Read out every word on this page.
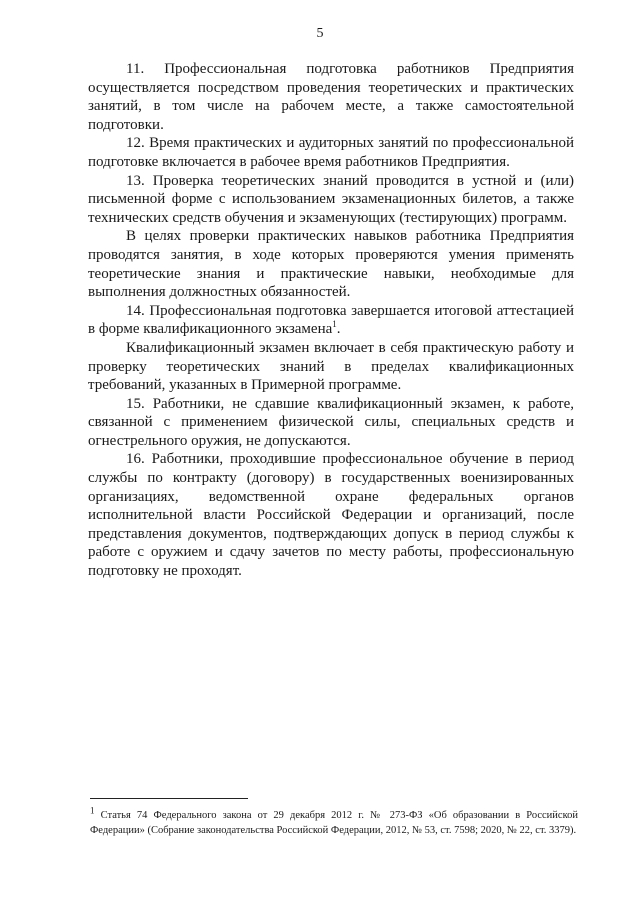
5

11. Профессиональная подготовка работников Предприятия осуществляется посредством проведения теоретических и практических занятий, в том числе на рабочем месте, а также самостоятельной подготовки.

12. Время практических и аудиторных занятий по профессиональной подготовке включается в рабочее время работников Предприятия.

13. Проверка теоретических знаний проводится в устной и (или) письменной форме с использованием экзаменационных билетов, а также технических средств обучения и экзаменующих (тестирующих) программ.

В целях проверки практических навыков работника Предприятия проводятся занятия, в ходе которых проверяются умения применять теоретические знания и практические навыки, необходимые для выполнения должностных обязанностей.

14. Профессиональная подготовка завершается итоговой аттестацией в форме квалификационного экзамена$^1$.

Квалификационный экзамен включает в себя практическую работу и проверку теоретических знаний в пределах квалификационных требований, указанных в Примерной программе.

15. Работники, не сдавшие квалификационный экзамен, к работе, связанной с применением физической силы, специальных средств и огнестрельного оружия, не допускаются.

16. Работники, проходившие профессиональное обучение в период службы по контракту (договору) в государственных военизированных организациях, ведомственной охране федеральных органов исполнительной власти Российской Федерации и организаций, после представления документов, подтверждающих допуск в период службы к работе с оружием и сдачу зачетов по месту работы, профессиональную подготовку не проходят.

$^1$ Статья 74 Федерального закона от 29 декабря 2012 г. № 273-ФЗ «Об образовании в Российской Федерации» (Собрание законодательства Российской Федерации, 2012, № 53, ст. 7598; 2020, № 22, ст. 3379).
